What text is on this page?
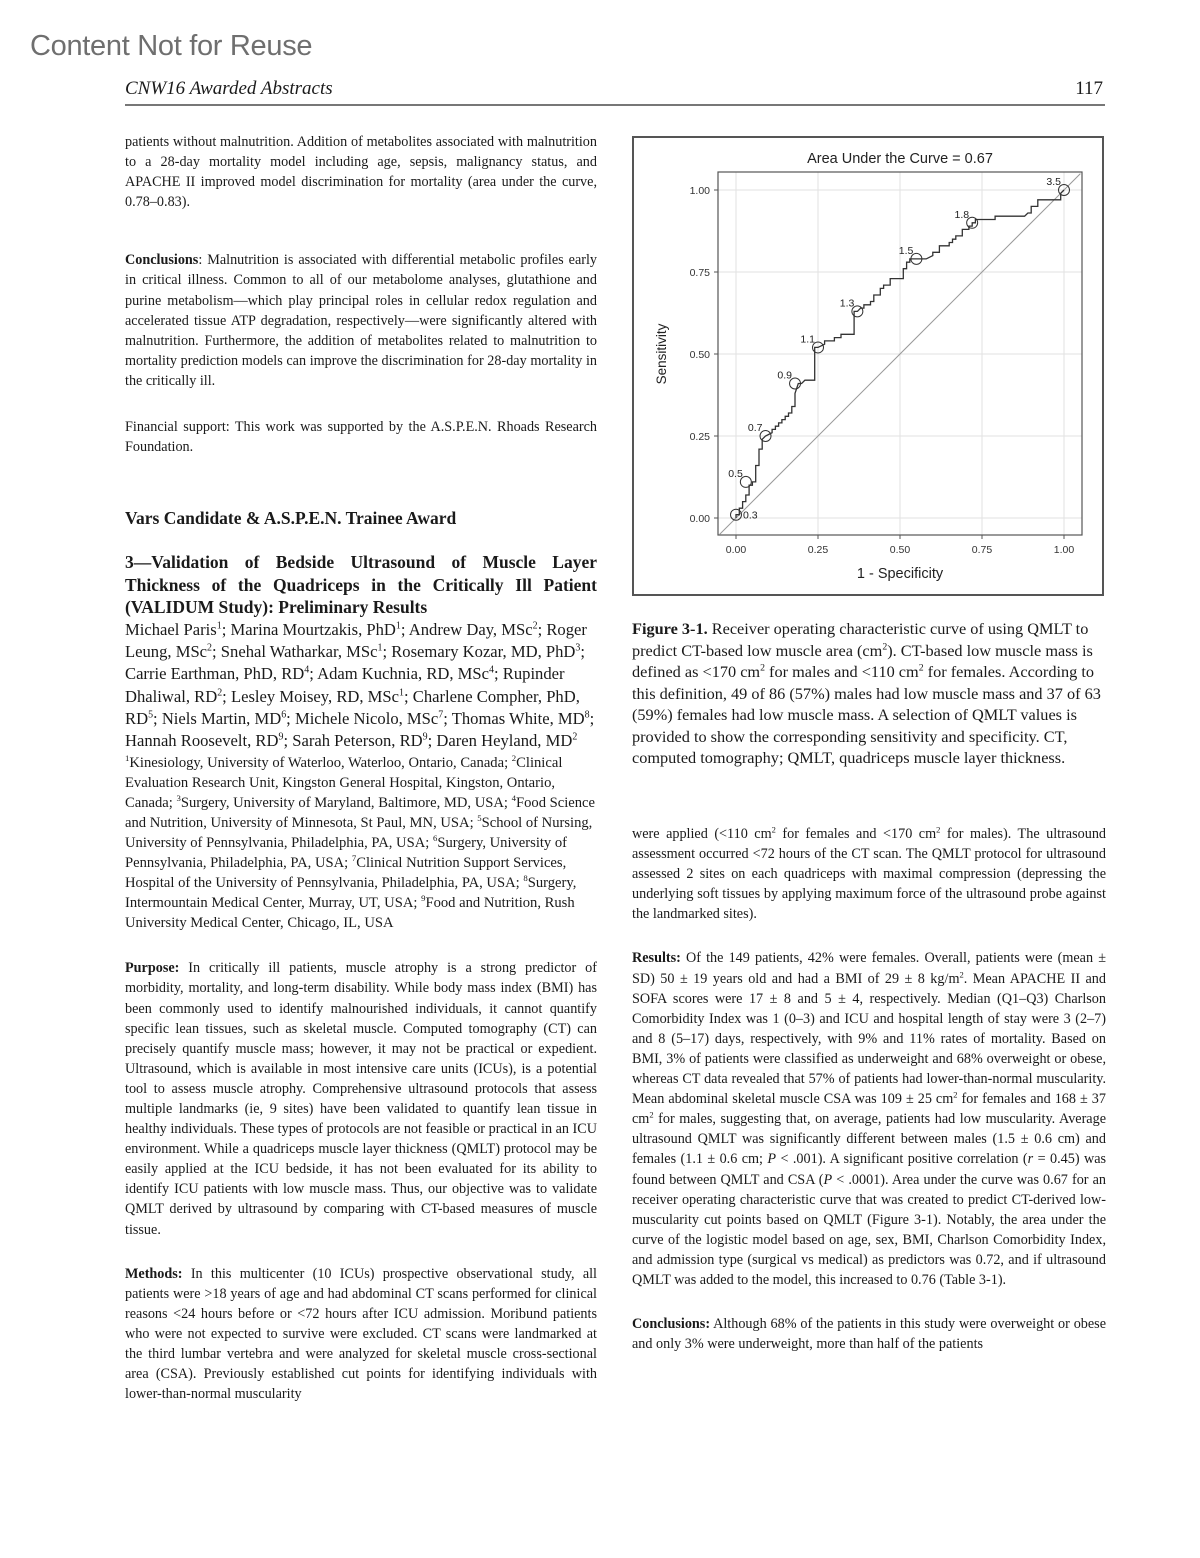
Content Not for Reuse
CNW16 Awarded Abstracts	117

patients without malnutrition. Addition of metabolites associated with malnutrition to a 28-day mortality model including age, sepsis, malignancy status, and APACHE II improved model discrimination for mortality (area under the curve, 0.78–0.83).

Conclusions: Malnutrition is associated with differential metabolic profiles early in critical illness. Common to all of our metabolome analyses, glutathione and purine metabolism—which play principal roles in cellular redox regulation and accelerated tissue ATP degradation, respectively—were significantly altered with malnutrition. Furthermore, the addition of metabolites related to malnutrition to mortality prediction models can improve the discrimination for 28-day mortality in the critically ill.

Financial support: This work was supported by the A.S.P.E.N. Rhoads Research Foundation.

Vars Candidate & A.S.P.E.N. Trainee Award
3—Validation of Bedside Ultrasound of Muscle Layer Thickness of the Quadriceps in the Critically Ill Patient (VALIDUM Study): Preliminary Results

Michael Paris$^1$; Marina Mourtzakis, PhD$^1$; Andrew Day, MSc$^2$; Roger Leung, MSc$^2$; Snehal Watharkar, MSc$^1$; Rosemary Kozar, MD, PhD$^3$; Carrie Earthman, PhD, $RD^4$; Adam Kuchnia, RD, MSc$^4$; Rupinder Dhaliwal, $RD^2$; Lesley Moisey, RD, MSc$^1$; Charlene Compher, PhD, $RD^5$; Niels Martin, $MD^6$; Michele Nicolo, MSc$^7$; Thomas White, $MD^8$; Hannah Roosevelt, $RD^9$; Sarah Peterson, $RD^9$; Daren Heyland, $MD^2$

$^1$Kinesiology, University of Waterloo, Waterloo, Ontario, Canada; $^2$Clinical Evaluation Research Unit, Kingston General Hospital, Kingston, Ontario, Canada; $^3$Surgery, University of Maryland, Baltimore, MD, USA; $^4$Food Science and Nutrition, University of Minnesota, St Paul, MN, USA; $^5$School of Nursing, University of Pennsylvania, Philadelphia, PA, USA; $^6$Surgery, University of Pennsylvania, Philadelphia, PA, USA; $^7$Clinical Nutrition Support Services, Hospital of the University of Pennsylvania, Philadelphia, PA, USA; $^8$Surgery, Intermountain Medical Center, Murray, UT, USA; $^9$Food and Nutrition, Rush University Medical Center, Chicago, IL, USA

Purpose: In critically ill patients, muscle atrophy is a strong predictor of morbidity, mortality, and long-term disability. While body mass index (BMI) has been commonly used to identify malnourished individuals, it cannot quantify specific lean tissues, such as skeletal muscle. Computed tomography (CT) can precisely quantify muscle mass; however, it may not be practical or expedient. Ultrasound, which is available in most intensive care units (ICUs), is a potential tool to assess muscle atrophy. Comprehensive ultrasound protocols that assess multiple landmarks (ie, 9 sites) have been validated to quantify lean tissue in healthy individuals. These types of protocols are not feasible or practical in an ICU environment. While a quadriceps muscle layer thickness (QMLT) protocol may be easily applied at the ICU bedside, it has not been evaluated for its ability to identify ICU patients with low muscle mass. Thus, our objective was to validate QMLT derived by ultrasound by comparing with CT-based measures of muscle tissue.

Methods: In this multicenter (10 ICUs) prospective observational study, all patients were >18 years of age and had abdominal CT scans performed for clinical reasons <24 hours before or <72 hours after ICU admission. Moribund patients who were not expected to survive were excluded. CT scans were landmarked at the third lumbar vertebra and were analyzed for skeletal muscle cross-sectional area (CSA). Previously established cut points for identifying individuals with lower-than-normal muscularity

Area Under the Curve = 0.67
0.00
0.00
0.25
0.25
0.50
0.50
0.75
0.75
1.00
1.00
1 - Specificity
Sensitivity
0.3
0.5
0.7
0.9
1.1
1.3
1.5
1.8
3.5

Figure 3-1. Receiver operating characteristic curve of using QMLT to predict CT-based low muscle area $(cm^2)$. CT-based low muscle mass is defined as <170 $cm^2$ for males and <110 $cm^2$ for females. According to this definition, 49 of 86 (57%) males had low muscle mass and 37 of 63 (59%) females had low muscle mass. A selection of QMLT values is provided to show the corresponding sensitivity and specificity. CT, computed tomography; QMLT, quadriceps muscle layer thickness.

were applied (<110 $cm^2$ for females and <170 $cm^2$ for males). The ultrasound assessment occurred <72 hours of the CT scan. The QMLT protocol for ultrasound assessed 2 sites on each quadriceps with maximal compression (depressing the underlying soft tissues by applying maximum force of the ultrasound probe against the landmarked sites).

Results: Of the 149 patients, 42% were females. Overall, patients were (mean ± SD) 50 ± 19 years old and had a BMI of 29 ± 8 $kg/m^2$. Mean APACHE II and SOFA scores were 17 ± 8 and 5 ± 4, respectively. Median (Q1–Q3) Charlson Comorbidity Index was 1 (0–3) and ICU and hospital length of stay were 3 (2–7) and 8 (5–17) days, respectively, with 9% and 11% rates of mortality. Based on BMI, 3% of patients were classified as underweight and 68% overweight or obese, whereas CT data revealed that 57% of patients had lower-than-normal muscularity. Mean abdominal skeletal muscle CSA was 109 ± 25 $cm^2$ for females and 168 ± 37 $cm^2$ for males, suggesting that, on average, patients had low muscularity. Average ultrasound QMLT was significantly different between males (1.5 ± 0.6 cm) and females (1.1 ± 0.6 cm; P < .001). A significant positive correlation (r = 0.45) was found between QMLT and CSA (P < .0001). Area under the curve was 0.67 for an receiver operating characteristic curve that was created to predict CT-derived low-muscularity cut points based on QMLT (Figure 3-1). Notably, the area under the curve of the logistic model based on age, sex, BMI, Charlson Comorbidity Index, and admission type (surgical vs medical) as predictors was 0.72, and if ultrasound QMLT was added to the model, this increased to 0.76 (Table 3-1).

Conclusions: Although 68% of the patients in this study were overweight or obese and only 3% were underweight, more than half of the patients
